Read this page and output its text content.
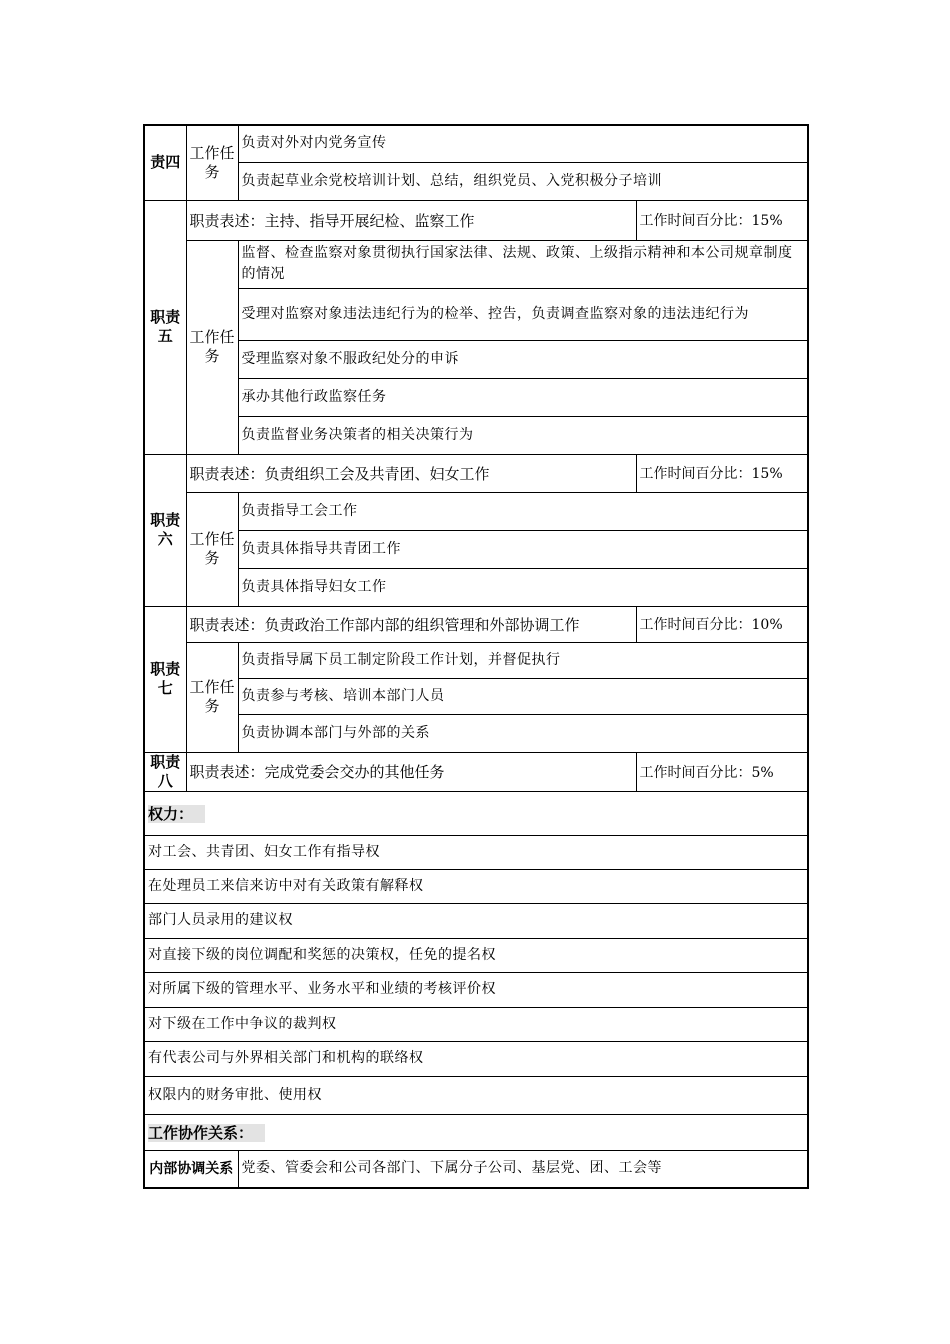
责四	工作任务	负责对外对内党务宣传	
		负责起草业余党校培训计划、总结，组织党员、入党积极分子培训	
职责五	职责表述：主持、指导开展纪检、监察工作		工作时间百分比：15%
	工作任务	监督、检查监察对象贯彻执行国家法律、法规、政策、上级指示精神和本公司规章制度的情况	
		受理对监察对象违法违纪行为的检举、控告，负责调查监察对象的违法违纪行为	
		受理监察对象不服政纪处分的申诉	
		承办其他行政监察任务	
		负责监督业务决策者的相关决策行为	
职责六	职责表述：负责组织工会及共青团、妇女工作		工作时间百分比：15%
	工作任务	负责指导工会工作	
		负责具体指导共青团工作	
		负责具体指导妇女工作	
职责七	职责表述：负责政治工作部内部的组织管理和外部协调工作		工作时间百分比：10%
	工作任务	负责指导属下员工制定阶段工作计划，并督促执行	
		负责参与考核、培训本部门人员	
		负责协调本部门与外部的关系	
职责八	职责表述：完成党委会交办的其他任务		工作时间百分比：5%
权力：			
对工会、共青团、妇女工作有指导权			
在处理员工来信来访中对有关政策有解释权			
部门人员录用的建议权			
对直接下级的岗位调配和奖惩的决策权，任免的提名权			
对所属下级的管理水平、业务水平和业绩的考核评价权			
对下级在工作中争议的裁判权			
有代表公司与外界相关部门和机构的联络权			
权限内的财务审批、使用权			
工作协作关系：			
内部协调关系		党委、管委会和公司各部门、下属分子公司、基层党、团、工会等	
